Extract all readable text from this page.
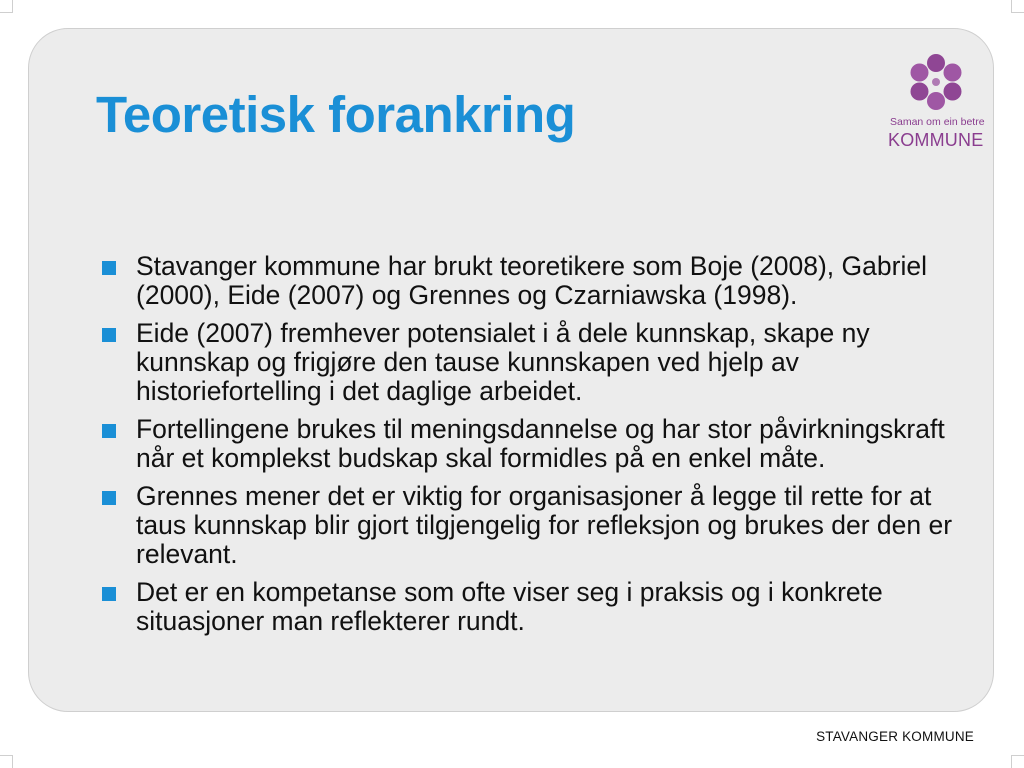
Teoretisk forankring	Saman om ein betre
KOMMUNE
Stavanger kommune har brukt teoretikere som Boje (2008), Gabriel (2000), Eide (2007) og Grennes og Czarniawska (1998).
Eide (2007) fremhever potensialet i å dele kunnskap, skape ny kunnskap og frigjøre den tause kunnskapen ved hjelp av historiefortelling i det daglige arbeidet.
Fortellingene brukes til meningsdannelse og har stor påvirkningskraft når et komplekst budskap skal formidles på en enkel måte.
Grennes mener det er viktig for organisasjoner å legge til rette for at taus kunnskap blir gjort tilgjengelig for refleksjon og brukes der den er relevant.
Det er en kompetanse som ofte viser seg i praksis og i konkrete situasjoner man reflekterer rundt.
STAVANGER KOMMUNE
